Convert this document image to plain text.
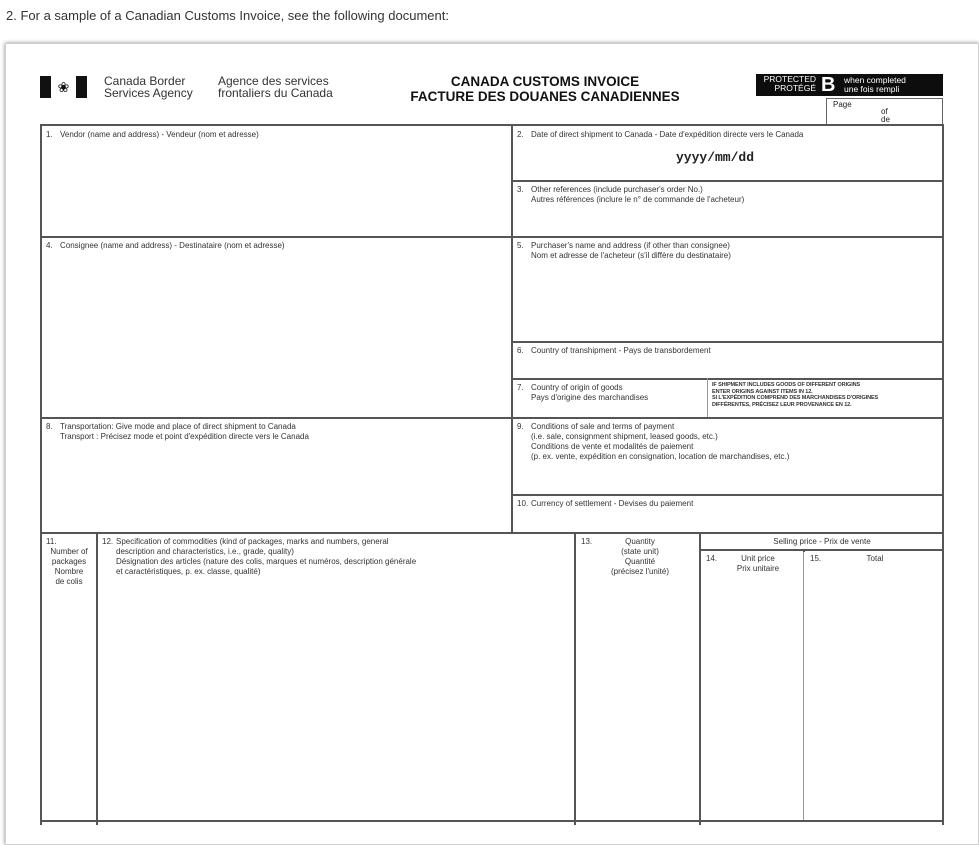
2. For a sample of a Canadian Customs Invoice, see the following document:
❀	Canada Border
Services Agency
Agence des services
frontaliers du Canada
CANADA CUSTOMS INVOICE
FACTURE DES DOUANES CANADIENNES
PROTECTED
PROTÉGÉ B when completed
une fois rempli
Page
of
de
1. Vendor (name and address) - Vendeur (nom et adresse)	2. Date of direct shipment to Canada - Date d'expédition directe vers le Canada
yyyy/mm/dd
3. Other references (include purchaser's order No.)
Autres références (inclure le n° de commande de l'acheteur)
4. Consignee (name and address) - Destinataire (nom et adresse)	5. Purchaser's name and address (if other than consignee)
Nom et adresse de l'acheteur (s'il diffère du destinataire)
6. Country of transhipment - Pays de transbordement
7. Country of origin of goods
Pays d'origine des marchandises
IF SHIPMENT INCLUDES GOODS OF DIFFERENT ORIGINS
ENTER ORIGINS AGAINST ITEMS IN 12.
SI L'EXPÉDITION COMPREND DES MARCHANDISES D'ORIGINES
DIFFÉRENTES, PRÉCISEZ LEUR PROVENANCE EN 12.
8. Transportation: Give mode and place of direct shipment to Canada
Transport : Précisez mode et point d'expédition directe vers le Canada
9. Conditions of sale and terms of payment
(i.e. sale, consignment shipment, leased goods, etc.)
Conditions de vente et modalités de paiement
(p. ex. vente, expédition en consignation, location de marchandises, etc.)
10. Currency of settlement - Devises du paiement
11.
Number of
packages
Nombre
de colis
12. Specification of commodities (kind of packages, marks and numbers, general
description and characteristics, i.e., grade, quality)
Désignation des articles (nature des colis, marques et numéros, description générale
et caractéristiques, p. ex. classe, qualité)
13.	Quantity
(state unit)
Quantité
(précisez l'unité)
Selling price - Prix de vente
14.	Unit price
Prix unitaire
15.	Total
